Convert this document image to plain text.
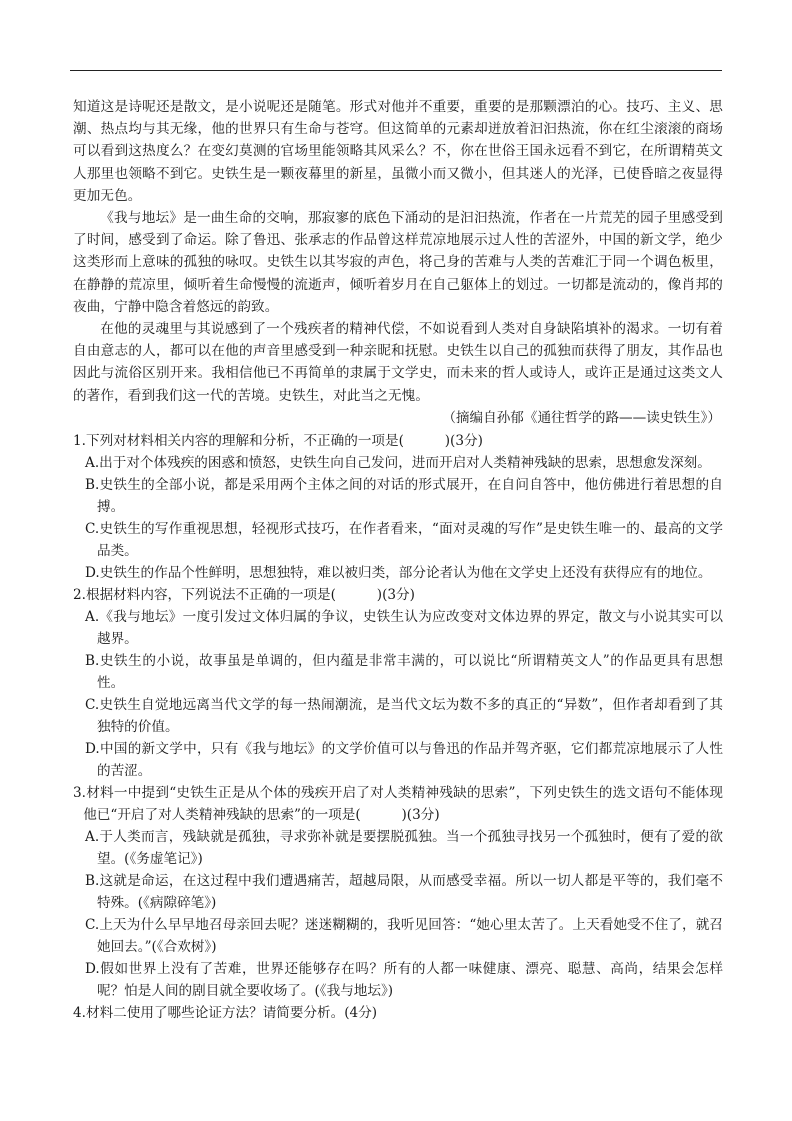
知道这是诗呢还是散文，是小说呢还是随笔。形式对他并不重要，重要的是那颗漂泊的心。技巧、主义、思潮、热点均与其无缘，他的世界只有生命与苍穹。但这简单的元素却迸放着汩汩热流，你在红尘滚滚的商场可以看到这热度么？在变幻莫测的官场里能领略其风采么？不，你在世俗王国永远看不到它，在所谓精英文人那里也领略不到它。史铁生是一颗夜幕里的新星，虽微小而又微小，但其迷人的光泽，已使昏暗之夜显得更加无色。

《我与地坛》是一曲生命的交响，那寂寥的底色下涌动的是汩汩热流，作者在一片荒芜的园子里感受到了时间，感受到了命运。除了鲁迅、张承志的作品曾这样荒凉地展示过人性的苦涩外，中国的新文学，绝少这类形而上意味的孤独的咏叹。史铁生以其岑寂的声色，将己身的苦难与人类的苦难汇于同一个调色板里，在静静的荒凉里，倾听着生命慢慢的流逝声，倾听着岁月在自己躯体上的划过。一切都是流动的，像肖邦的夜曲，宁静中隐含着悠远的韵致。

在他的灵魂里与其说感到了一个残疾者的精神代偿，不如说看到人类对自身缺陷填补的渴求。一切有着自由意志的人，都可以在他的声音里感受到一种亲昵和抚慰。史铁生以自己的孤独而获得了朋友，其作品也因此与流俗区别开来。我相信他已不再简单的隶属于文学史，而未来的哲人或诗人，或许正是通过这类文人的著作，看到我们这一代的苦境。史铁生，对此当之无愧。

（摘编自孙郁《通往哲学的路——读史铁生》）

1.下列对材料相关内容的理解和分析，不正确的一项是(	)(3分)

A.出于对个体残疾的困惑和愤怒，史铁生向自己发问，进而开启对人类精神残缺的思索，思想愈发深刻。

B.史铁生的全部小说，都是采用两个主体之间的对话的形式展开，在自问自答中，他仿佛进行着思想的自搏。

C.史铁生的写作重视思想，轻视形式技巧，在作者看来，“面对灵魂的写作”是史铁生唯一的、最高的文学品类。

D.史铁生的作品个性鲜明，思想独特，难以被归类，部分论者认为他在文学史上还没有获得应有的地位。

2.根据材料内容，下列说法不正确的一项是(	)(3分)

A.《我与地坛》一度引发过文体归属的争议，史铁生认为应改变对文体边界的界定，散文与小说其实可以越界。

B.史铁生的小说，故事虽是单调的，但内蕴是非常丰满的，可以说比“所谓精英文人”的作品更具有思想性。

C.史铁生自觉地远离当代文学的每一热闹潮流，是当代文坛为数不多的真正的“异数”，但作者却看到了其独特的价值。

D.中国的新文学中，只有《我与地坛》的文学价值可以与鲁迅的作品并驾齐驱，它们都荒凉地展示了人性的苦涩。

3.材料一中提到“史铁生正是从个体的残疾开启了对人类精神残缺的思索”，下列史铁生的选文语句不能体现他已“开启了对人类精神残缺的思索”的一项是(	)(3分)

A.于人类而言，残缺就是孤独，寻求弥补就是要摆脱孤独。当一个孤独寻找另一个孤独时，便有了爱的欲望。(《务虚笔记》)

B.这就是命运，在这过程中我们遭遇痛苦，超越局限，从而感受幸福。所以一切人都是平等的，我们毫不特殊。(《病隙碎笔》)

C.上天为什么早早地召母亲回去呢？迷迷糊糊的，我听见回答：“她心里太苦了。上天看她受不住了，就召她回去。”(《合欢树》)

D.假如世界上没有了苦难，世界还能够存在吗？所有的人都一味健康、漂亮、聪慧、高尚，结果会怎样呢？怕是人间的剧目就全要收场了。(《我与地坛》)

4.材料二使用了哪些论证方法？请简要分析。(4分)
